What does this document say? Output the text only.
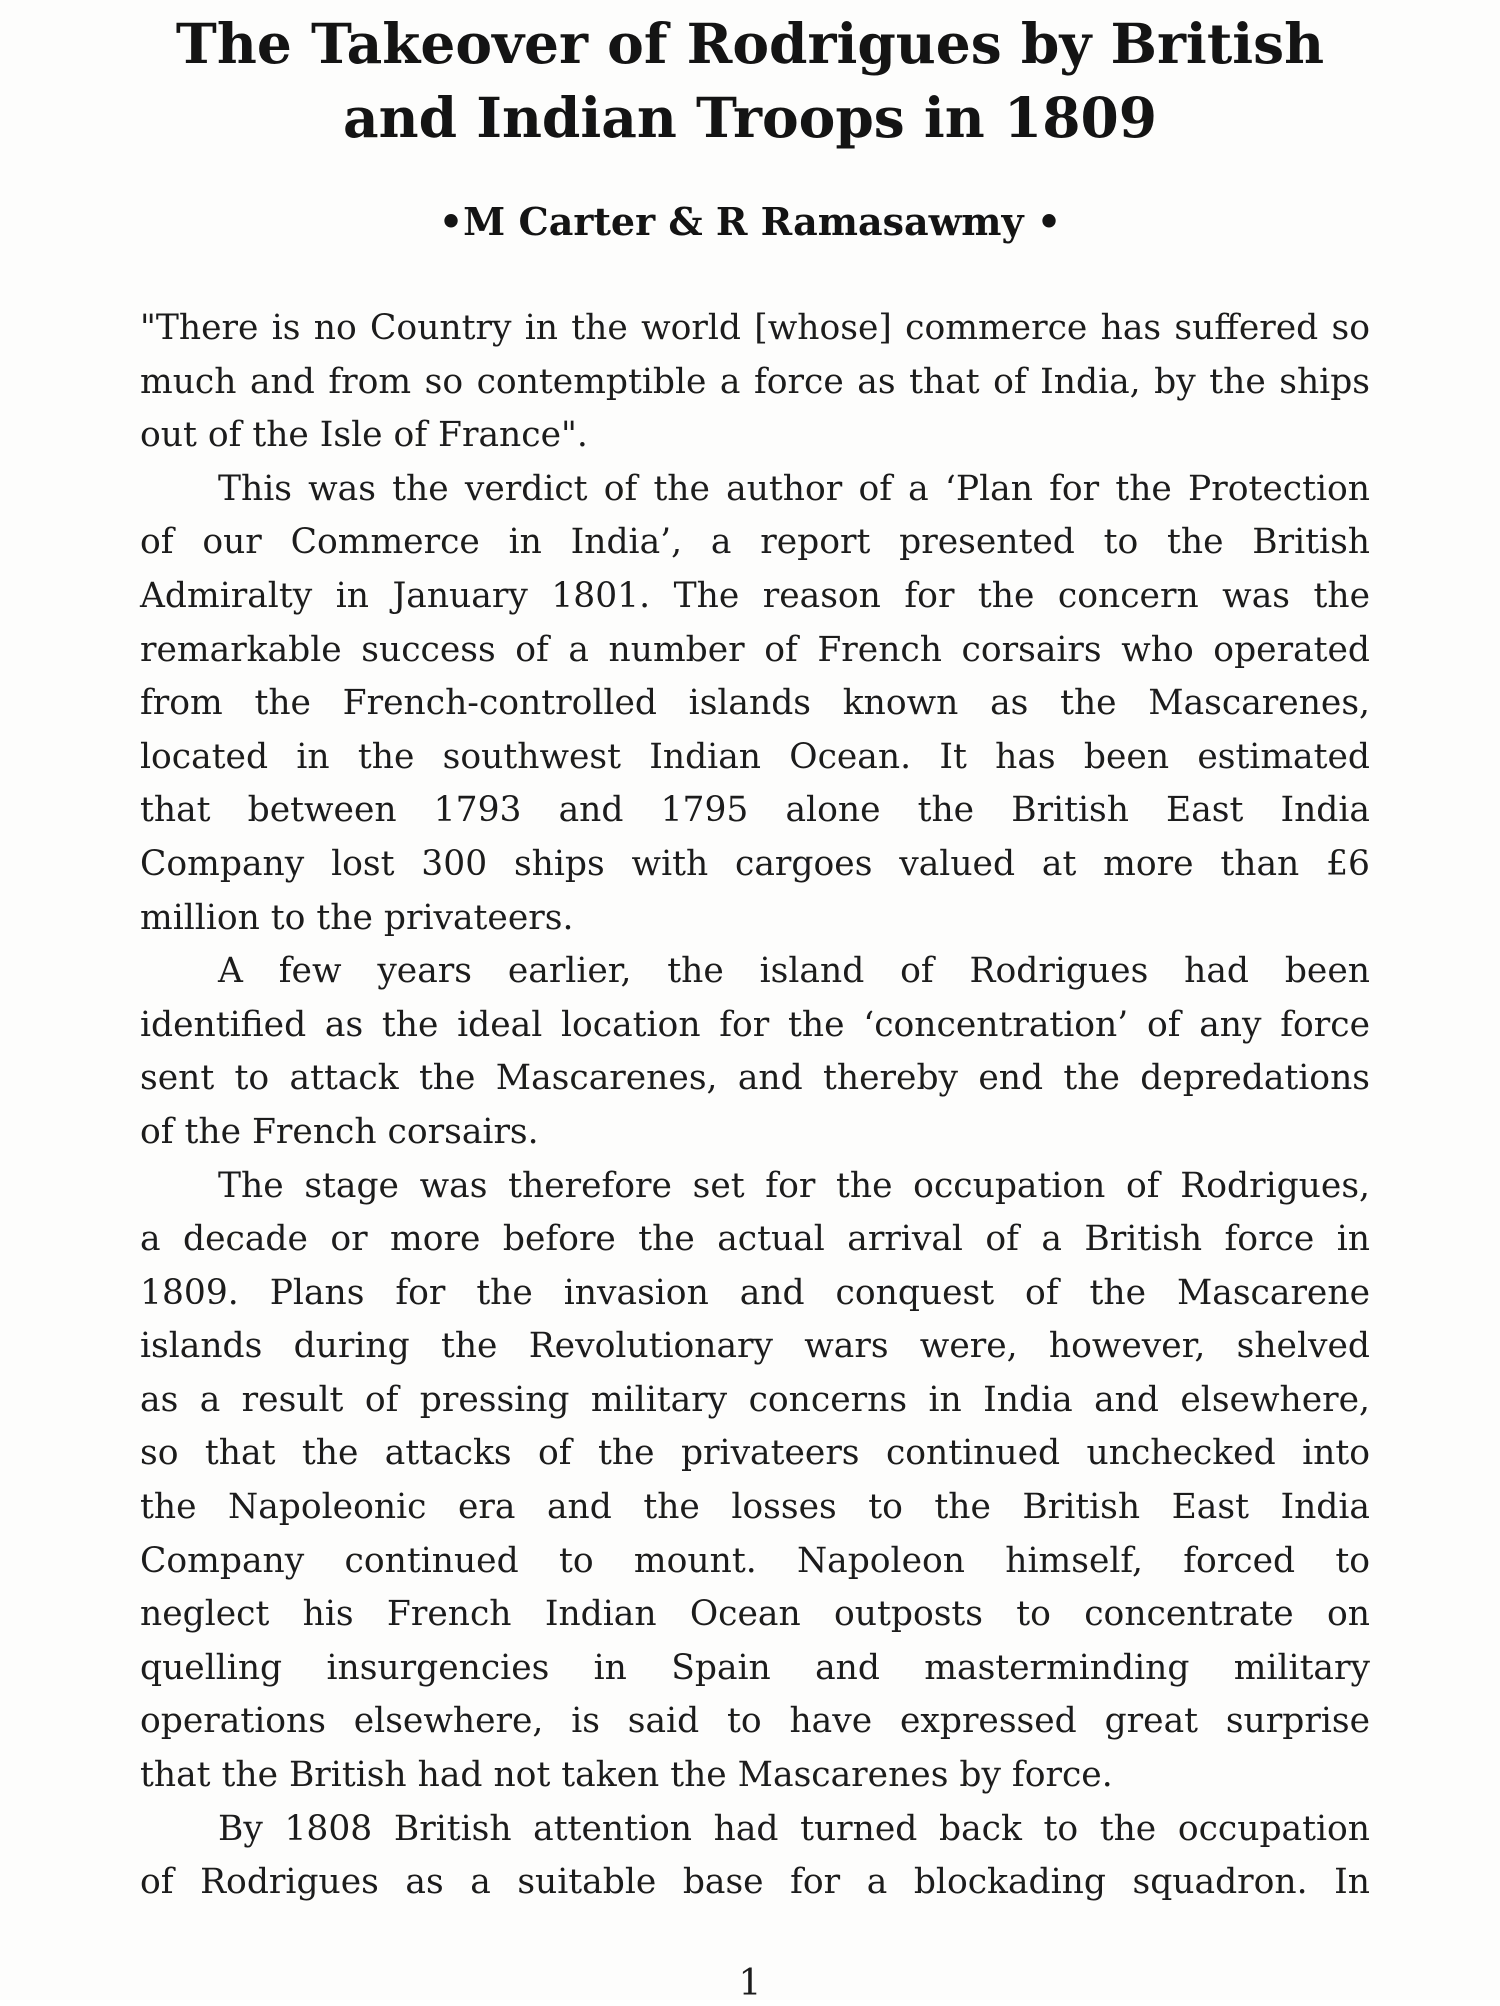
The Takeover of Rodrigues by British
and Indian Troops in 1809
•M Carter & R Ramasawmy •
"There is no Country in the world [whose] commerce has suffered so
much and from so contemptible a force as that of India, by the ships
out of the Isle of France".
This was the verdict of the author of a ‘Plan for the Protection
of our Commerce in India’, a report presented to the British
Admiralty in January 1801. The reason for the concern was the
remarkable success of a number of French corsairs who operated
from the French-controlled islands known as the Mascarenes,
located in the southwest Indian Ocean. It has been estimated
that between 1793 and 1795 alone the British East India
Company lost 300 ships with cargoes valued at more than £6
million to the privateers.
A few years earlier, the island of Rodrigues had been
identified as the ideal location for the ‘concentration’ of any force
sent to attack the Mascarenes, and thereby end the depredations
of the French corsairs.
The stage was therefore set for the occupation of Rodrigues,
a decade or more before the actual arrival of a British force in
1809. Plans for the invasion and conquest of the Mascarene
islands during the Revolutionary wars were, however, shelved
as a result of pressing military concerns in India and elsewhere,
so that the attacks of the privateers continued unchecked into
the Napoleonic era and the losses to the British East India
Company continued to mount. Napoleon himself, forced to
neglect his French Indian Ocean outposts to concentrate on
quelling insurgencies in Spain and masterminding military
operations elsewhere, is said to have expressed great surprise
that the British had not taken the Mascarenes by force.
By 1808 British attention had turned back to the occupation
of Rodrigues as a suitable base for a blockading squadron. In
1
